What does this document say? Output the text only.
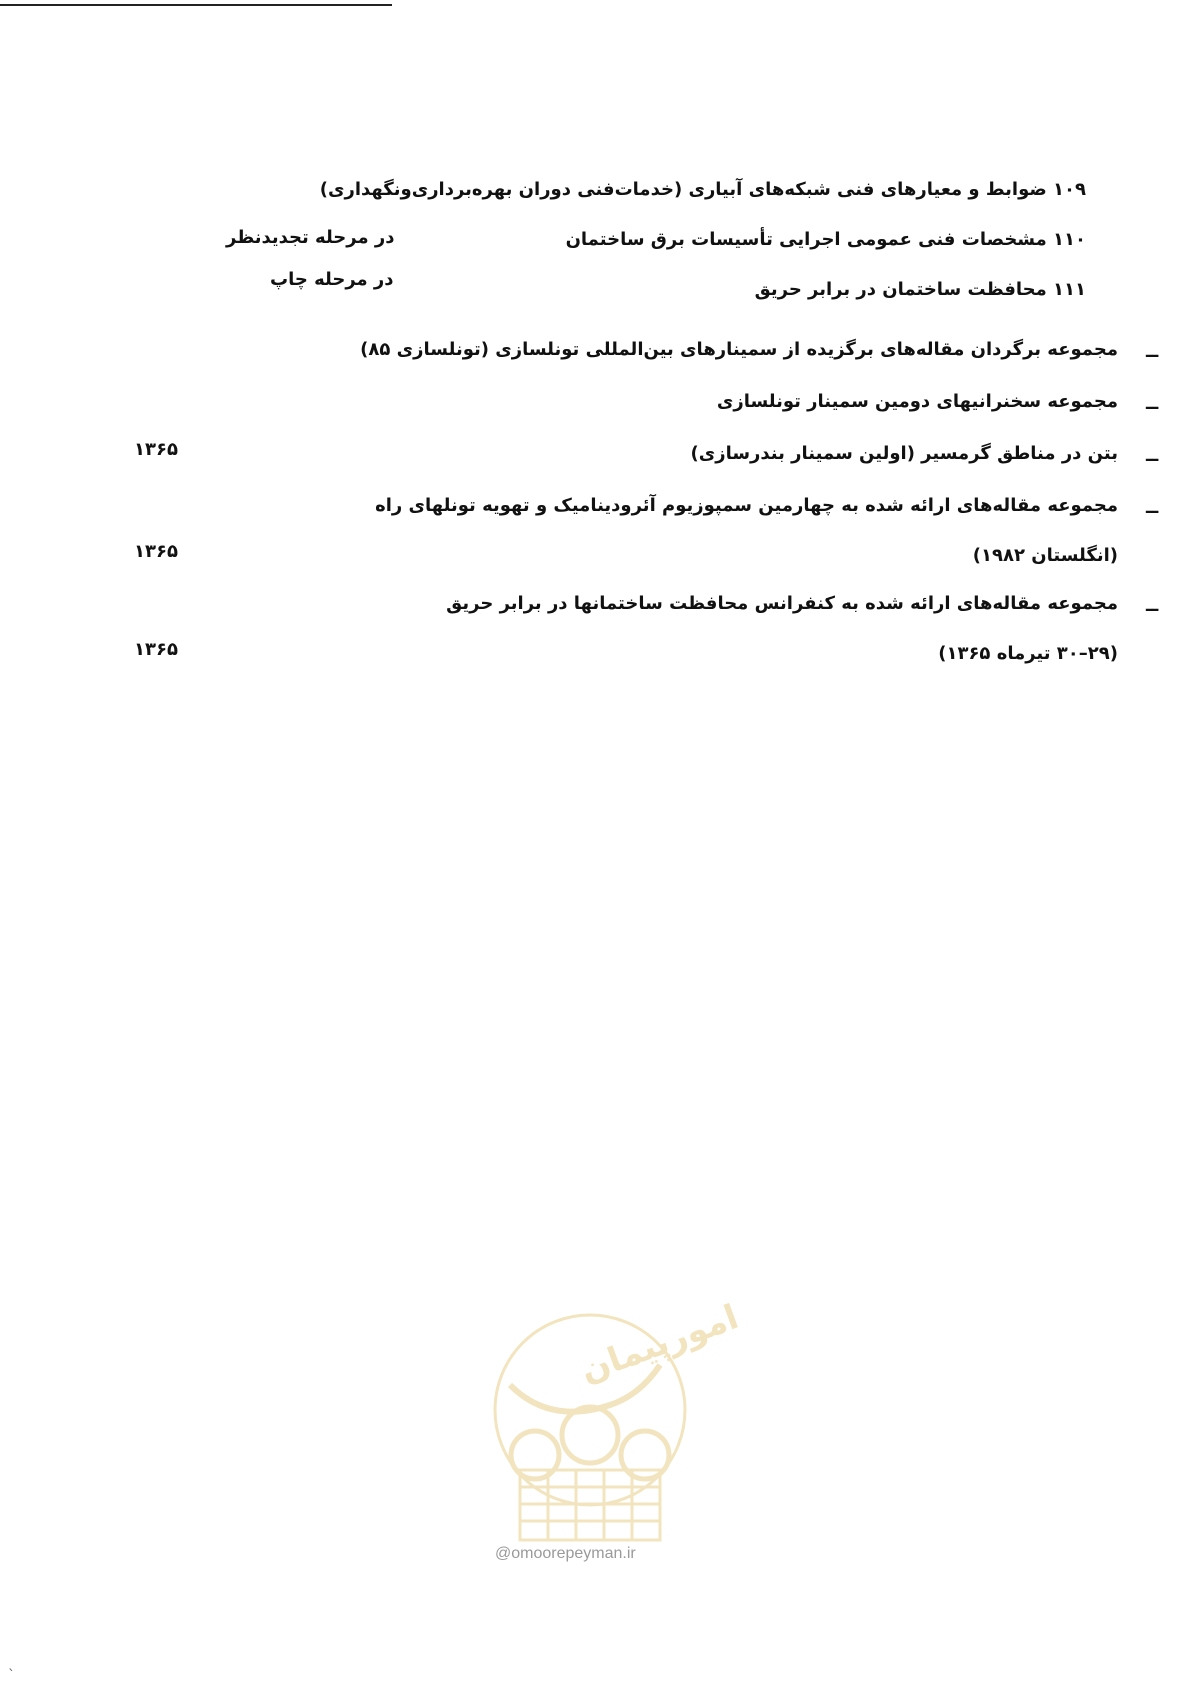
۱۰۹ ضوابط و معیارهای فنی شبکه‌های آبیاری (خدمات‌فنی دوران بهره‌برداری‌ونگهداری)
۱۱۰ مشخصات فنی عمومی اجرایی تأسیسات برق ساختمان
در مرحله تجدیدنظر
۱۱۱ محافظت ساختمان در برابر حریق
در مرحله چاپ
ــ
مجموعه برگردان مقاله‌های برگزیده از سمینارهای بین‌المللی تونلسازی (تونلسازی ۸۵)
ــ
مجموعه سخنرانیهای دومین سمینار تونلسازی
ــ
بتن در مناطق گرمسیر (اولین سمینار بندرسازی)
۱۳۶۵
ــ
مجموعه مقاله‌های ارائه شده به چهارمین سمپوزیوم آئرودینامیک و تهویه تونلهای راه
(انگلستان ۱۹۸۲)
۱۳۶۵
ــ
مجموعه مقاله‌های ارائه شده به کنفرانس محافظت ساختمانها در برابر حریق
(۲۹–۳۰ تیرماه ۱۳۶۵)
۱۳۶۵
امورپیمان
@omoorepeyman.ir
`
